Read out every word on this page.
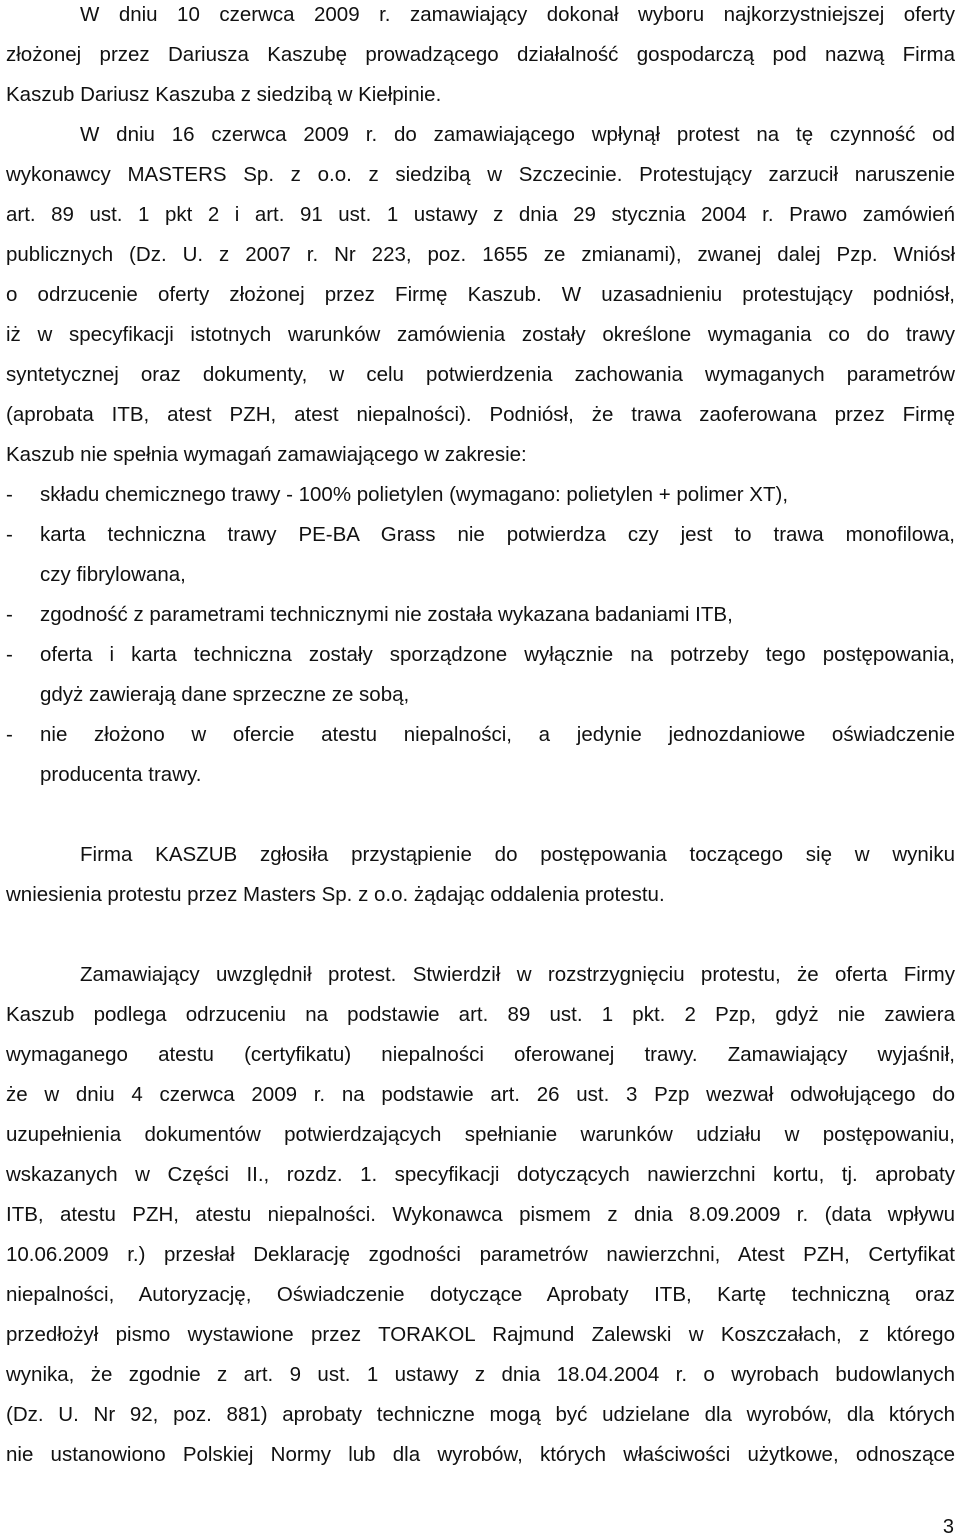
W dniu 10 czerwca 2009 r. zamawiający dokonał wyboru najkorzystniejszej oferty
złożonej przez Dariusza Kaszubę prowadzącego działalność gospodarczą pod nazwą Firma
Kaszub Dariusz Kaszuba z siedzibą w Kiełpinie.
W dniu 16 czerwca 2009 r. do zamawiającego wpłynął protest na tę czynność od
wykonawcy MASTERS Sp. z o.o. z siedzibą w Szczecinie. Protestujący zarzucił naruszenie
art. 89 ust. 1 pkt 2 i art. 91 ust. 1 ustawy z dnia 29 stycznia 2004 r. Prawo zamówień
publicznych (Dz. U. z 2007 r. Nr 223, poz. 1655 ze zmianami), zwanej dalej Pzp. Wniósł
o odrzucenie oferty złożonej przez Firmę Kaszub. W uzasadnieniu protestujący podniósł,
iż w specyfikacji istotnych warunków zamówienia zostały określone wymagania co do trawy
syntetycznej oraz dokumenty, w celu potwierdzenia zachowania wymaganych parametrów
(aprobata ITB, atest PZH, atest niepalności). Podniósł, że trawa zaoferowana przez Firmę
Kaszub nie spełnia wymagań zamawiającego w zakresie:
- składu chemicznego trawy - 100% polietylen (wymagano: polietylen + polimer XT),
- karta techniczna trawy PE-BA Grass nie potwierdza czy jest to trawa monofilowa,
czy fibrylowana,
- zgodność z parametrami technicznymi nie została wykazana badaniami ITB,
- oferta i karta techniczna zostały sporządzone wyłącznie na potrzeby tego postępowania,
gdyż zawierają dane sprzeczne ze sobą,
- nie złożono w ofercie atestu niepalności, a jedynie jednozdaniowe oświadczenie
producenta trawy.
Firma KASZUB zgłosiła przystąpienie do postępowania toczącego się w wyniku
wniesienia protestu przez Masters Sp. z o.o. żądając oddalenia protestu.
Zamawiający uwzględnił protest. Stwierdził w rozstrzygnięciu protestu, że oferta Firmy
Kaszub podlega odrzuceniu na podstawie art. 89 ust. 1 pkt. 2 Pzp, gdyż nie zawiera
wymaganego atestu (certyfikatu) niepalności oferowanej trawy. Zamawiający wyjaśnił,
że w dniu 4 czerwca 2009 r. na podstawie art. 26 ust. 3 Pzp wezwał odwołującego do
uzupełnienia dokumentów potwierdzających spełnianie warunków udziału w postępowaniu,
wskazanych w Części II., rozdz. 1. specyfikacji dotyczących nawierzchni kortu, tj. aprobaty
ITB, atestu PZH, atestu niepalności. Wykonawca pismem z dnia 8.09.2009 r. (data wpływu
10.06.2009 r.) przesłał Deklarację zgodności parametrów nawierzchni, Atest PZH, Certyfikat
niepalności, Autoryzację, Oświadczenie dotyczące Aprobaty ITB, Kartę techniczną oraz
przedłożył pismo wystawione przez TORAKOL Rajmund Zalewski w Koszczałach, z którego
wynika, że zgodnie z art. 9 ust. 1 ustawy z dnia 18.04.2004 r. o wyrobach budowlanych
(Dz. U. Nr 92, poz. 881) aprobaty techniczne mogą być udzielane dla wyrobów, dla których
nie ustanowiono Polskiej Normy lub dla wyrobów, których właściwości użytkowe, odnoszące
3
